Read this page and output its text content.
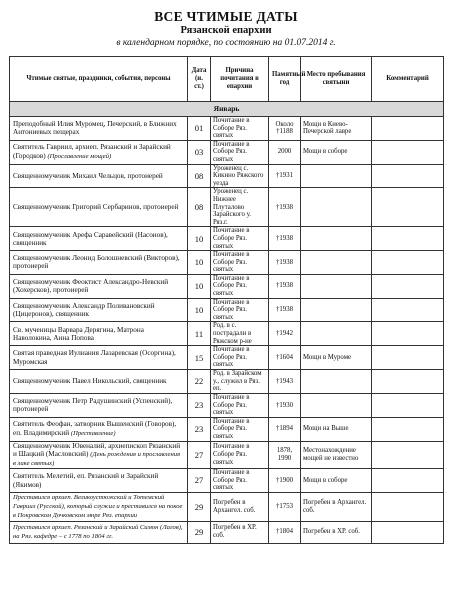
ВСЕ ЧТИМЫЕ ДАТЫ
Рязанской епархии
в календарном порядке, по состоянию на 01.07.2014 г.
Чтимые святые, праздники, события, персоны	Дата (н. ст.)	Причина почитания в епархии	Памятный год	Место пребывания святыни	Комментарий
Январь					
Преподобный Илия Муромец, Печерский, в Ближних Антониевых пещерах	01	Почитание в Соборе Ряз. святых	Около †1188	Мощи в Киево-Печерской лавре	
Святитель Гавриил, архиеп. Рязанский и Зарайский (Городков) (Прославление мощей)	03	Почитание в Соборе Ряз. святых	2000	Мощи в соборе	
Священномученик Михаил Чельцов, протоиерей	08	Уроженец с. Кикино Ряжского уезда	†1931		
Священномученик Григорий Сербаринов, протоиерей	08	Уроженец с. Нижнее Плуталово Зарайского у. Ряз.г.	†1938		
Священномученик Арефа Саравейский (Насонов), священник	10	Почитание в Соборе Ряз. святых	†1938		
Священномученик Леонид Болошневский (Викторов), протоиерей	10	Почитание в Соборе Ряз. святых	†1938		
Священномученик Феоктист Александро-Невский (Хохерсков), протоиерей	10	Почитание в Соборе Ряз. святых	†1938		
Священномученик Александр Поливановский (Цицеронов), священник	10	Почитание в Соборе Ряз. святых	†1938		
Св. мученицы Варвара Дерягина, Матрона Наволокина, Анна Попова	11	Род. в с. пострадали в Ряжском р-не	†1942		
Святая праведная Иулиания Лазаревская (Осоргина), Муромская	15	Почитание в Соборе Ряз. святых	†1604	Мощи в Муроме	
Священномученик Павел Никольский, священник	22	Род. в Зарайском у., служил в Ряз. еп.	†1943		
Священномученик Петр Радушинский (Успенский), протоиерей	23	Почитание в Соборе Ряз. святых	†1930		
Святитель Феофан, затворник Вышенский (Говоров), еп. Владимирский (Преставление)	23	Почитание в Соборе Ряз. святых	†1894	Мощи на Выше	
Священномученик Ювеналий, архиепископ Рязанский и Шацкий (Масловский) (День рождения и прославления в лике святых)	27	Почитание в Соборе Ряз. святых	1878, 1990	Местонахождение мощей не известно	
Святитель Мелетий, еп. Рязанский и Зарайский (Якимов)	27	Почитание в Соборе Ряз. святых	†1900	Мощи в соборе	
Преставился архиеп. Великоустюжский и Тотемский Гавриил (Русской), который служил и преставился на покое в Покровском Дочковском мнре Ряз. епархии	29	Погребен в Архангел. соб.	†1753	Погребен в Архангел. соб.	
Преставился архиеп. Рязанский и Зарайский Симон (Лагов), на Ряз. кафедре – с 1778 по 1804 гг.	29	Погребен в ХР. соб.	†1804	Погребен в ХР. соб.	
